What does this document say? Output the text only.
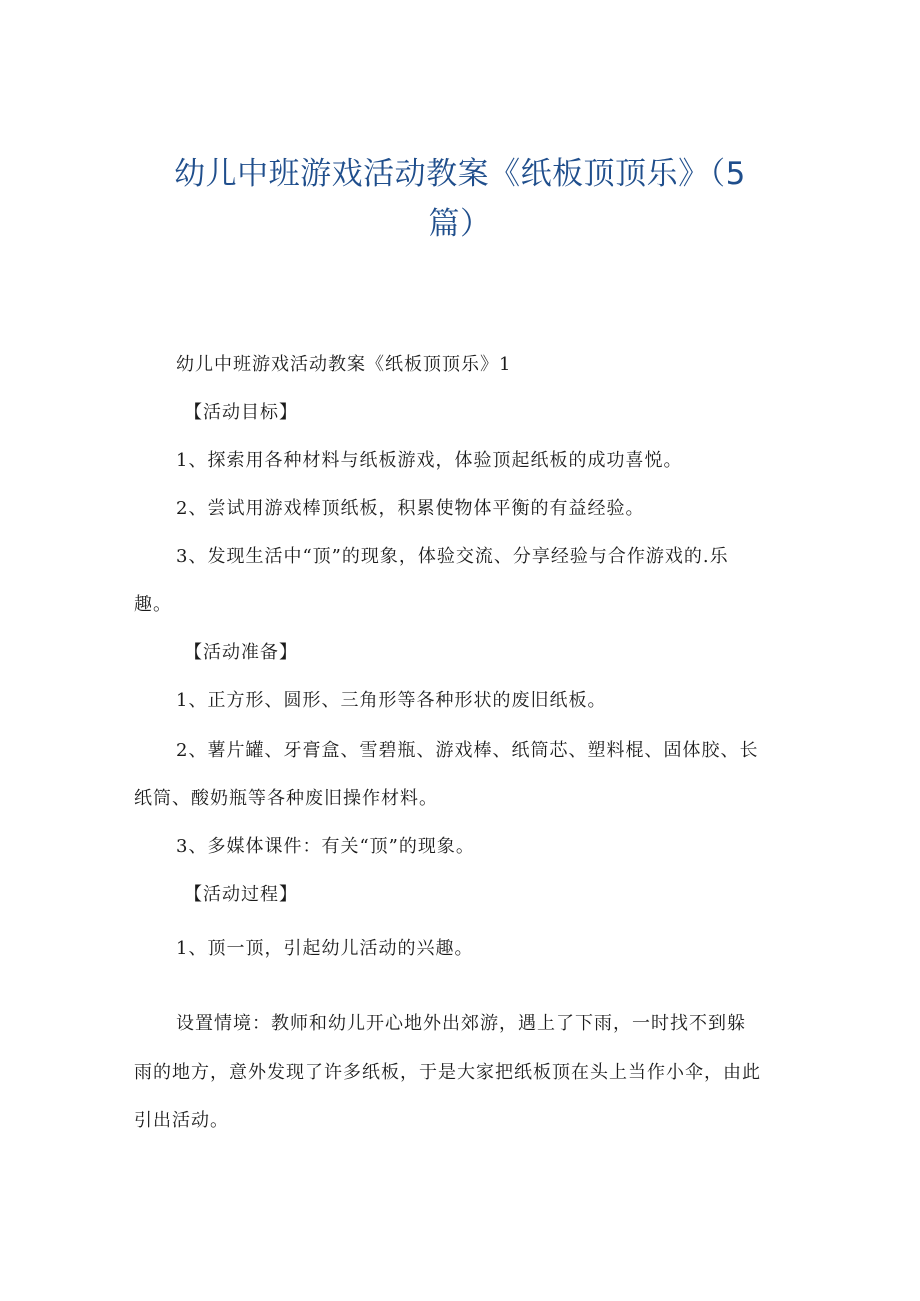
幼儿中班游戏活动教案《纸板顶顶乐》（5
篇）
幼儿中班游戏活动教案《纸板顶顶乐》1
【活动目标】
1、探索用各种材料与纸板游戏，体验顶起纸板的成功喜悦。
2、尝试用游戏棒顶纸板，积累使物体平衡的有益经验。
3、发现生活中“顶”的现象，体验交流、分享经验与合作游戏的.乐
趣。
【活动准备】
1、正方形、圆形、三角形等各种形状的废旧纸板。
2、薯片罐、牙膏盒、雪碧瓶、游戏棒、纸筒芯、塑料棍、固体胶、长
纸筒、酸奶瓶等各种废旧操作材料。
3、多媒体课件：有关“顶”的现象。
【活动过程】
1、顶一顶，引起幼儿活动的兴趣。
设置情境：教师和幼儿开心地外出郊游，遇上了下雨，一时找不到躲
雨的地方，意外发现了许多纸板，于是大家把纸板顶在头上当作小伞，由此
引出活动。
